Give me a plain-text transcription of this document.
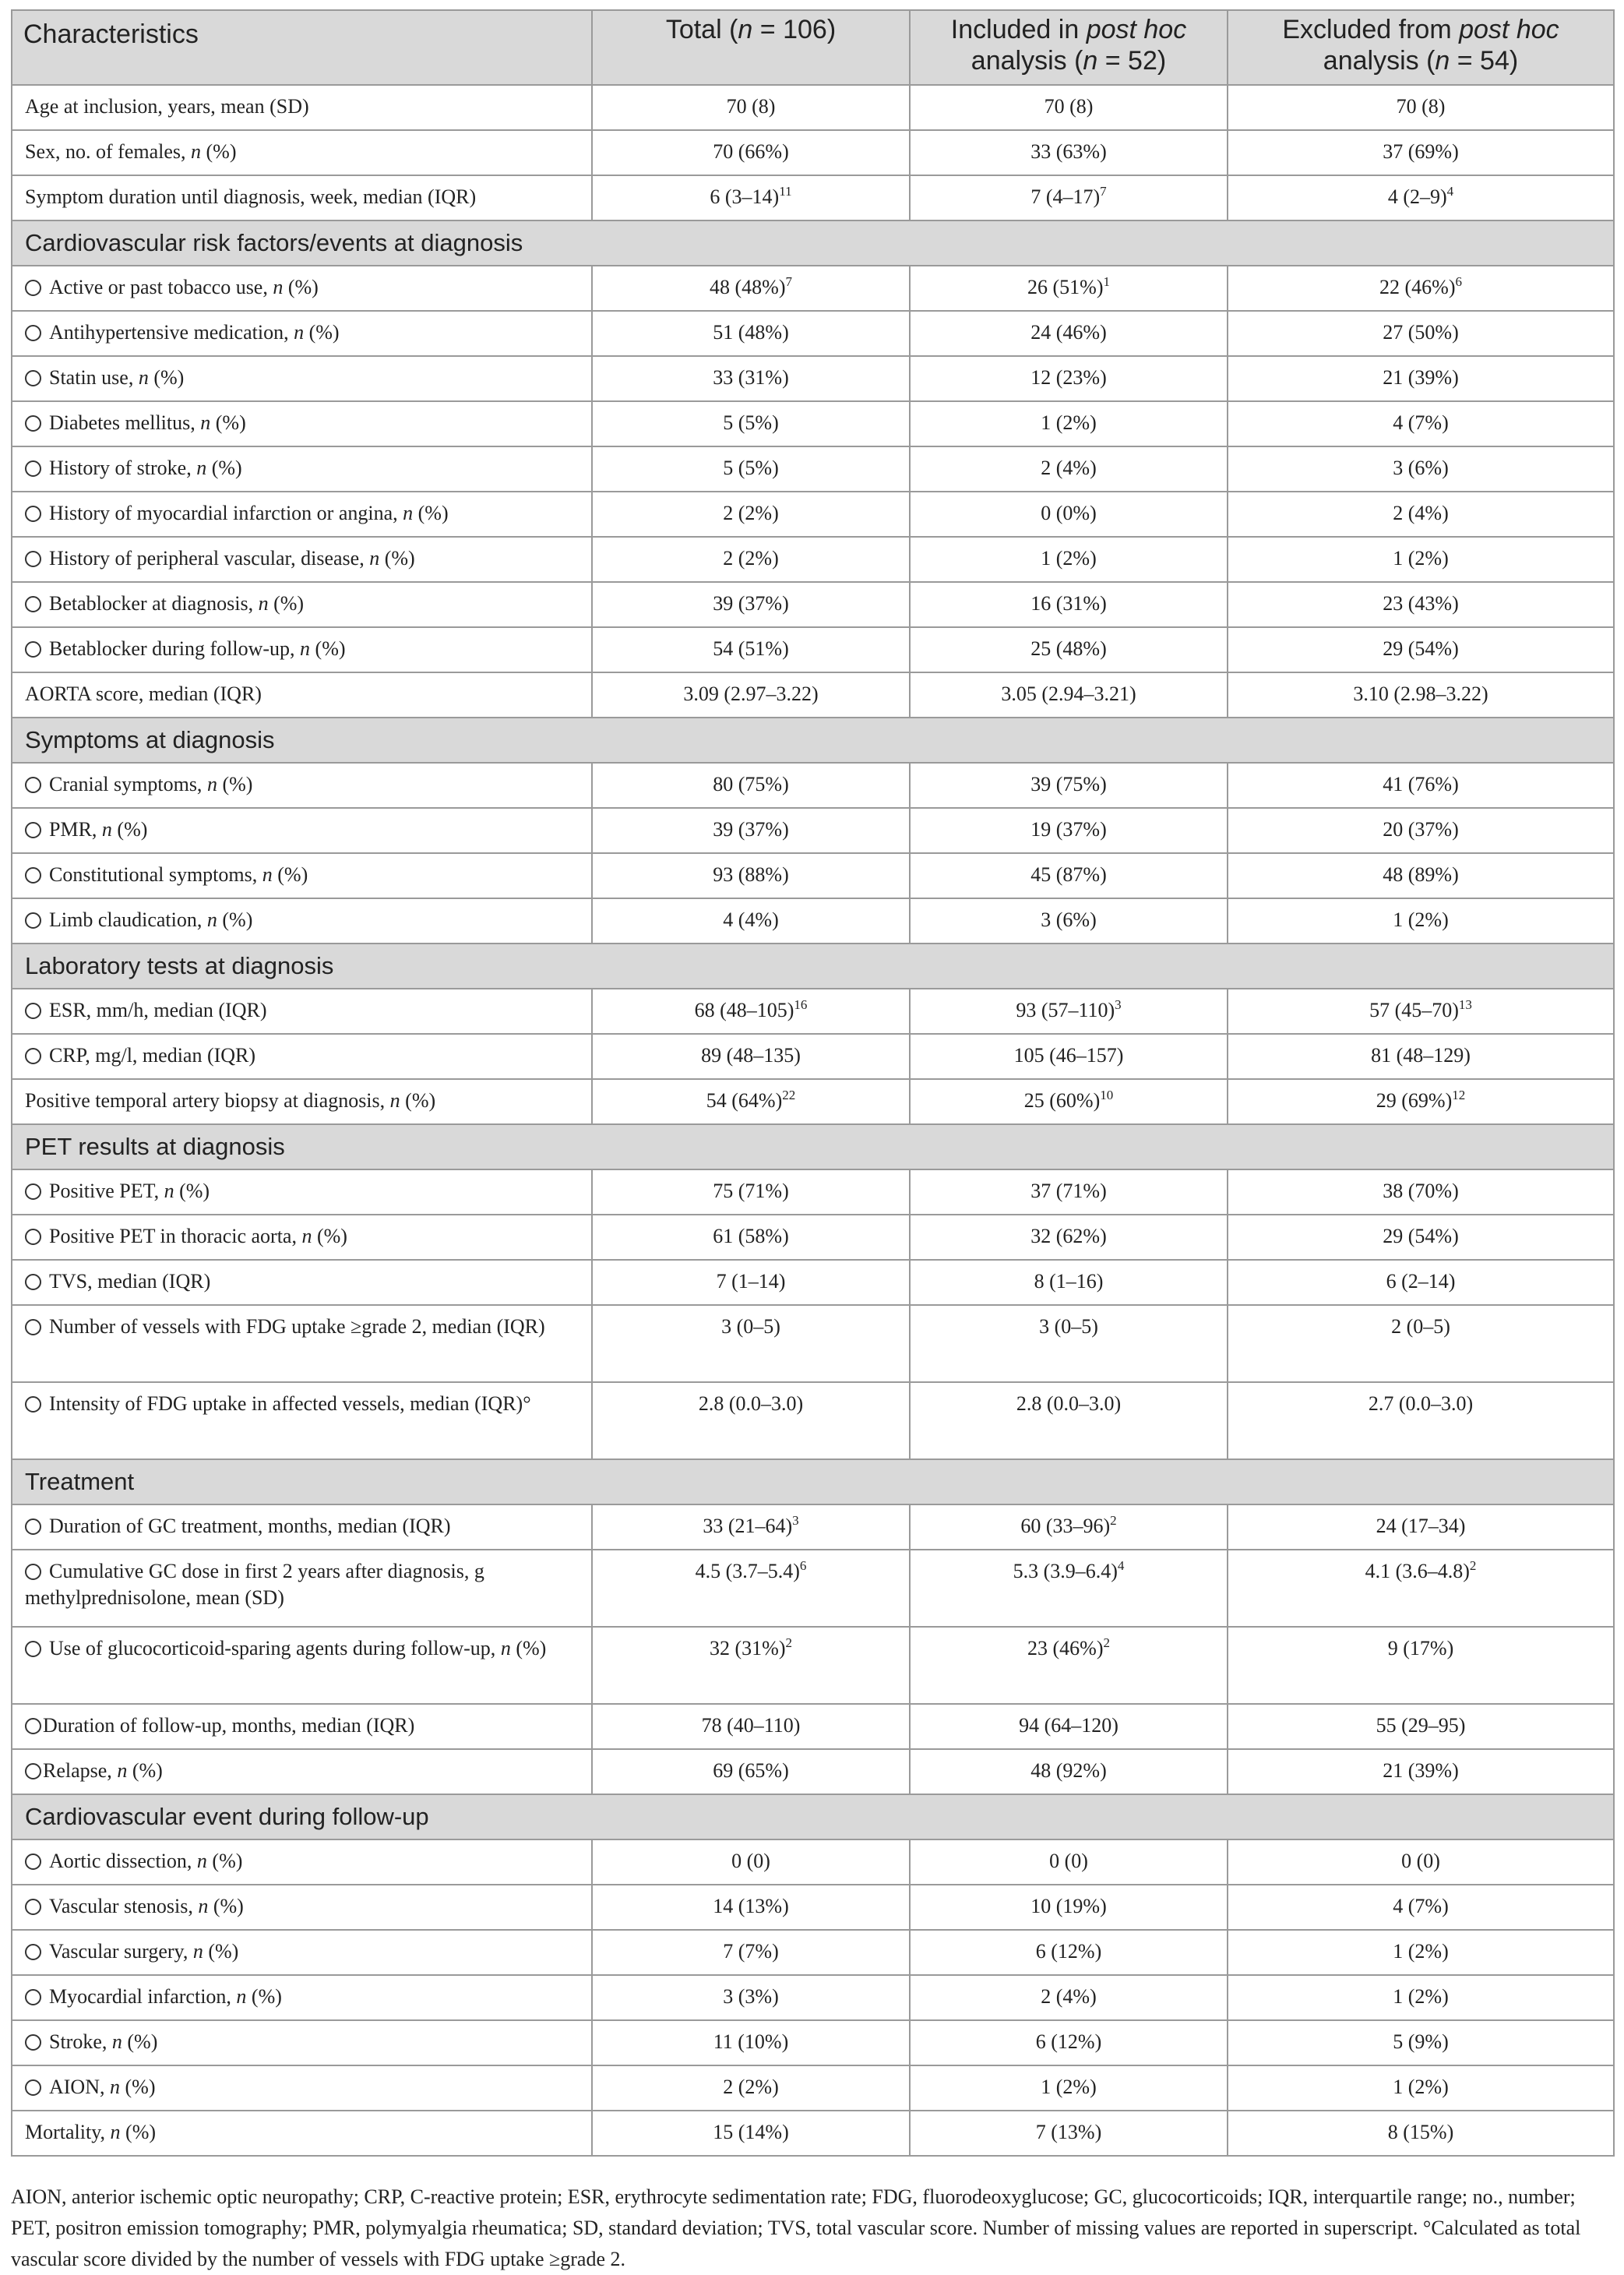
Characteristics	Total (n = 106)	Included in post hoc analysis (n = 52)	Excluded from post hoc analysis (n = 54)
Age at inclusion, years, mean (SD)	70 (8)	70 (8)	70 (8)
Sex, no. of females, n (%)	70 (66%)	33 (63%)	37 (69%)
Symptom duration until diagnosis, week, median (IQR)	6 $(3-14)^{11}$	7 $(4-17)^7$	4 $(2-9)^4$
Cardiovascular risk factors/events at diagnosis			
Active or past tobacco use, n (%)	48 $(48\%)^7$	26 $(51\%)^1$	22 $(46\%)^6$
Antihypertensive medication, n (%)	51 (48%)	24 (46%)	27 (50%)
Statin use, n (%)	33 (31%)	12 (23%)	21 (39%)
Diabetes mellitus, n (%)	5 (5%)	1 (2%)	4 (7%)
History of stroke, n (%)	5 (5%)	2 (4%)	3 (6%)
History of myocardial infarction or angina, n (%)	2 (2%)	0 (0%)	2 (4%)
History of peripheral vascular, disease, n (%)	2 (2%)	1 (2%)	1 (2%)
Betablocker at diagnosis, n (%)	39 (37%)	16 (31%)	23 (43%)
Betablocker during follow-up, n (%)	54 (51%)	25 (48%)	29 (54%)
AORTA score, median (IQR)	3.09 (2.97–3.22)	3.05 (2.94–3.21)	3.10 (2.98–3.22)
Symptoms at diagnosis			
Cranial symptoms, n (%)	80 (75%)	39 (75%)	41 (76%)
PMR, n (%)	39 (37%)	19 (37%)	20 (37%)
Constitutional symptoms, n (%)	93 (88%)	45 (87%)	48 (89%)
Limb claudication, n (%)	4 (4%)	3 (6%)	1 (2%)
Laboratory tests at diagnosis			
ESR, mm/h, median (IQR)	68 $(48-105)^{16}$	93 $(57-110)^3$	57 $(45-70)^{13}$
CRP, mg/l, median (IQR)	89 (48–135)	105 (46–157)	81 (48–129)
Positive temporal artery biopsy at diagnosis, n (%)	54 $(64\%)^{22}$	25 $(60\%)^{10}$	29 $(69\%)^{12}$
PET results at diagnosis			
Positive PET, n (%)	75 (71%)	37 (71%)	38 (70%)
Positive PET in thoracic aorta, n (%)	61 (58%)	32 (62%)	29 (54%)
TVS, median (IQR)	7 (1–14)	8 (1–16)	6 (2–14)
Number of vessels with FDG uptake ≥grade 2, median (IQR)	3 (0–5)	3 (0–5)	2 (0–5)
Intensity of FDG uptake in affected vessels, median (IQR)°	2.8 (0.0–3.0)	2.8 (0.0–3.0)	2.7 (0.0–3.0)
Treatment			
Duration of GC treatment, months, median (IQR)	33 $(21-64)^3$	60 $(33-96)^2$	24 (17–34)
Cumulative GC dose in first 2 years after diagnosis, g methylprednisolone, mean (SD)	4.5 $(3.7-5.4)^6$	5.3 $(3.9-6.4)^4$	4.1 $(3.6-4.8)^2$
Use of glucocorticoid-sparing agents during follow-up, n (%)	32 $(31\%)^2$	23 $(46\%)^2$	9 (17%)
Duration of follow-up, months, median (IQR)	78 (40–110)	94 (64–120)	55 (29–95)
Relapse, n (%)	69 (65%)	48 (92%)	21 (39%)
Cardiovascular event during follow-up			
Aortic dissection, n (%)	0 (0)	0 (0)	0 (0)
Vascular stenosis, n (%)	14 (13%)	10 (19%)	4 (7%)
Vascular surgery, n (%)	7 (7%)	6 (12%)	1 (2%)
Myocardial infarction, n (%)	3 (3%)	2 (4%)	1 (2%)
Stroke, n (%)	11 (10%)	6 (12%)	5 (9%)
AION, n (%)	2 (2%)	1 (2%)	1 (2%)
Mortality, n (%)	15 (14%)	7 (13%)	8 (15%)
AION, anterior ischemic optic neuropathy; CRP, C-reactive protein; ESR, erythrocyte sedimentation rate; FDG, fluorodeoxyglucose; GC, glucocorticoids; IQR, interquartile range; no., number; PET, positron emission tomography; PMR, polymyalgia rheumatica; SD, standard deviation; TVS, total vascular score. Number of missing values are reported in superscript. °Calculated as total vascular score divided by the number of vessels with FDG uptake ≥grade 2.
